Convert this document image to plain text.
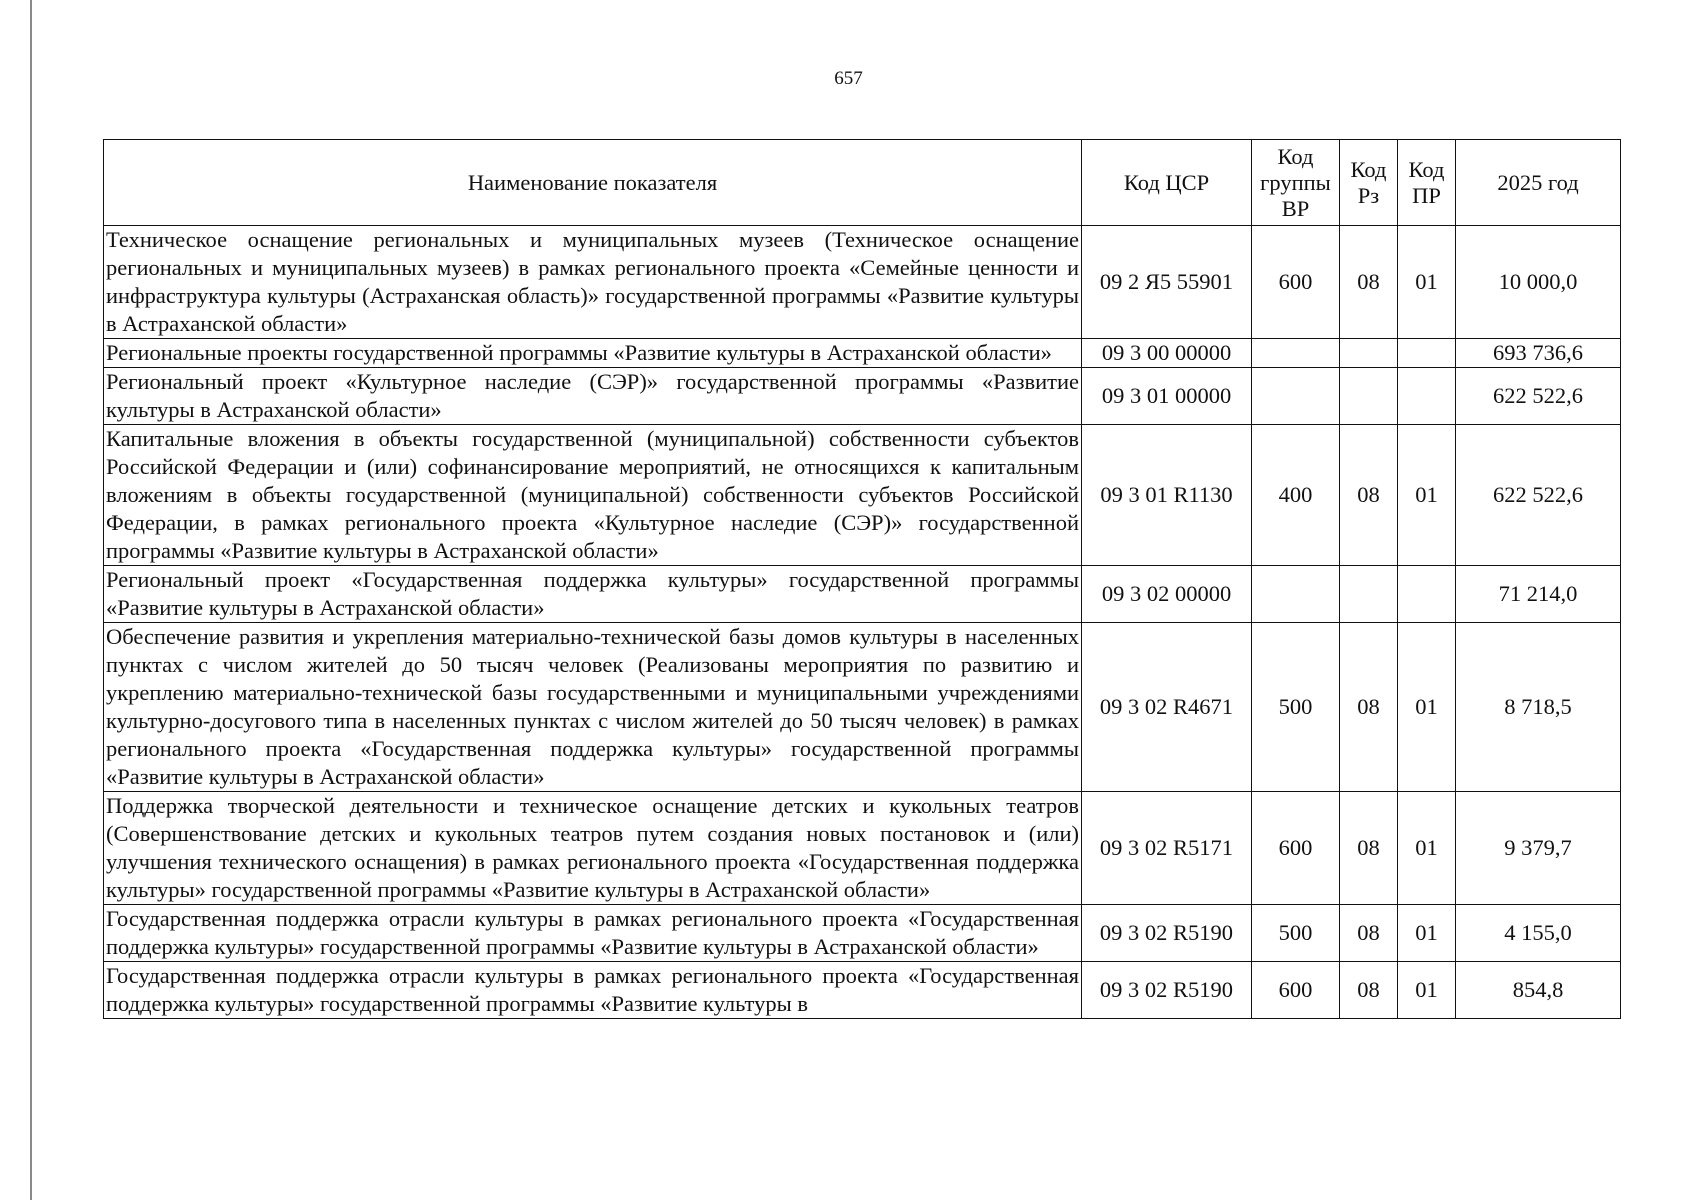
657
Наименование показателя	Код ЦСР	Код группы ВР	Код Рз	Код ПР	2025 год
Техническое оснащение региональных и муниципальных музеев (Техническое оснащение региональных и муниципальных музеев) в рамках регионального проекта «Семейные ценности и инфраструктура культуры (Астраханская область)» государственной программы «Развитие культуры в Астраханской области»	09 2 Я5 55901	600	08	01	10 000,0
Региональные проекты государственной программы «Развитие культуры в Астраханской области»	09 3 00 00000				693 736,6
Региональный проект «Культурное наследие (СЭР)» государственной программы «Развитие культуры в Астраханской области»	09 3 01 00000				622 522,6
Капитальные вложения в объекты государственной (муниципальной) собственности субъектов Российской Федерации и (или) софинансирование мероприятий, не относящихся к капитальным вложениям в объекты государственной (муниципальной) собственности субъектов Российской Федерации, в рамках регионального проекта «Культурное наследие (СЭР)» государственной программы «Развитие культуры в Астраханской области»	09 3 01 R1130	400	08	01	622 522,6
Региональный проект «Государственная поддержка культуры» государственной программы «Развитие культуры в Астраханской области»	09 3 02 00000				71 214,0
Обеспечение развития и укрепления материально-технической базы домов культуры в населенных пунктах с числом жителей до 50 тысяч человек (Реализованы мероприятия по развитию и укреплению материально-технической базы государственными и муниципальными учреждениями культурно-досугового типа в населенных пунктах с числом жителей до 50 тысяч человек) в рамках регионального проекта «Государственная поддержка культуры» государственной программы «Развитие культуры в Астраханской области»	09 3 02 R4671	500	08	01	8 718,5
Поддержка творческой деятельности и техническое оснащение детских и кукольных театров (Совершенствование детских и кукольных театров путем создания новых постановок и (или) улучшения технического оснащения) в рамках регионального проекта «Государственная поддержка культуры» государственной программы «Развитие культуры в Астраханской области»	09 3 02 R5171	600	08	01	9 379,7
Государственная поддержка отрасли культуры в рамках регионального проекта «Государственная поддержка культуры» государственной программы «Развитие культуры в Астраханской области»	09 3 02 R5190	500	08	01	4 155,0

Государственная поддержка отрасли культуры в рамках регионального проекта «Государственная поддержка культуры» государственной программы «Развитие культуры в	09 3 02 R5190	600	08	01	854,8
